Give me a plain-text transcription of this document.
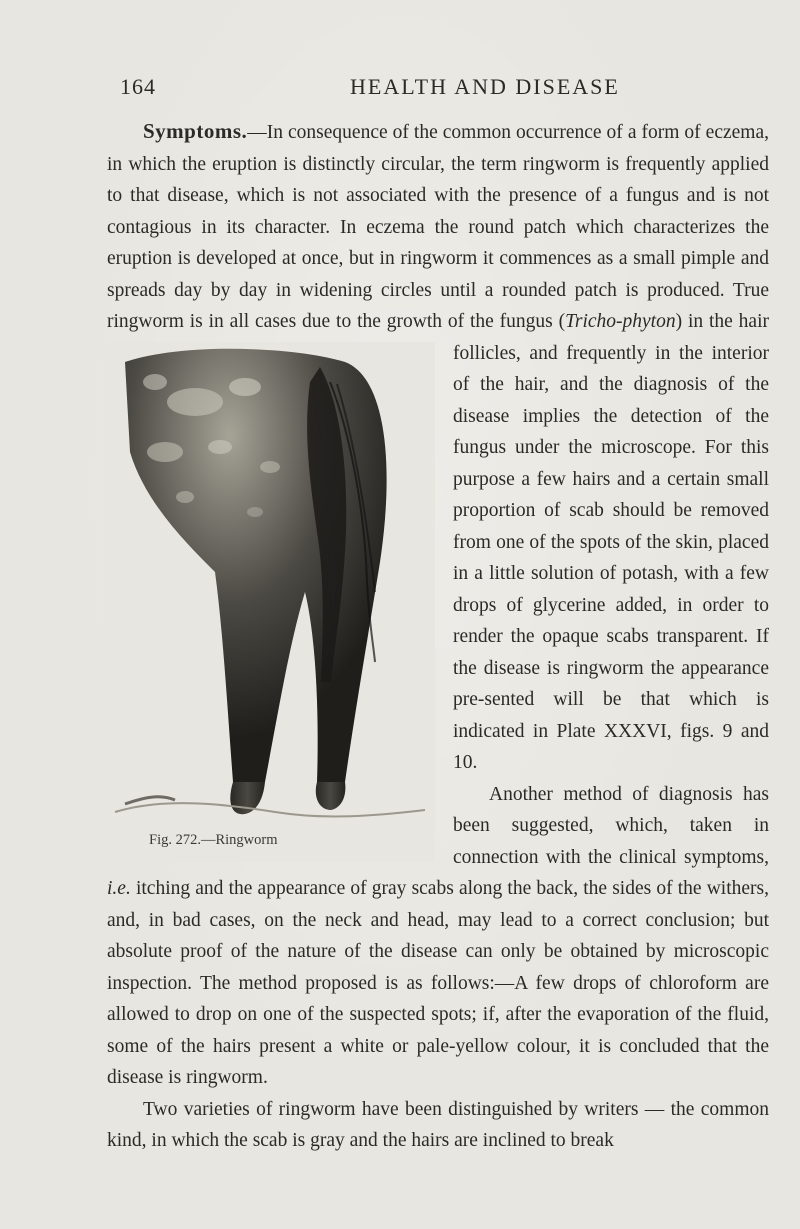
164	HEALTH AND DISEASE

Symptoms.—In consequence of the common occurrence of a form of eczema, in which the eruption is distinctly circular, the term ringworm is frequently applied to that disease, which is not associated with the presence of a fungus and is not contagious in its character. In eczema the round patch which characterizes the eruption is developed at once, but in ringworm it commences as a small pimple and spreads day by day in widening circles until a rounded patch is produced. True ringworm is in all cases due to the growth of the fungus (
Fig. 272.—Ringworm
Tricho-phyton) in the hair follicles, and frequently in the interior of the hair, and the diagnosis of the disease implies the detection of the fungus under the microscope. For this purpose a few hairs and a certain small proportion of scab should be removed from one of the spots of the skin, placed in a little solution of potash, with a few drops of glycerine added, in order to render the opaque scabs transparent. If the disease is ringworm the appearance pre-sented will be that which is indicated in Plate XXXVI, figs. 9 and 10.

Another method of diagnosis has been suggested, which, taken in connection with the clinical symptoms, i.e. itching and the appearance of gray scabs along the back, the sides of the withers, and, in bad cases, on the neck and head, may lead to a correct conclusion; but absolute proof of the nature of the disease can only be obtained by microscopic inspection. The method proposed is as follows:—A few drops of chloroform are allowed to drop on one of the suspected spots; if, after the evaporation of the fluid, some of the hairs present a white or pale-yellow colour, it is concluded that the disease is ringworm.

Two varieties of ringworm have been distinguished by writers — the common kind, in which the scab is gray and the hairs are inclined to break
